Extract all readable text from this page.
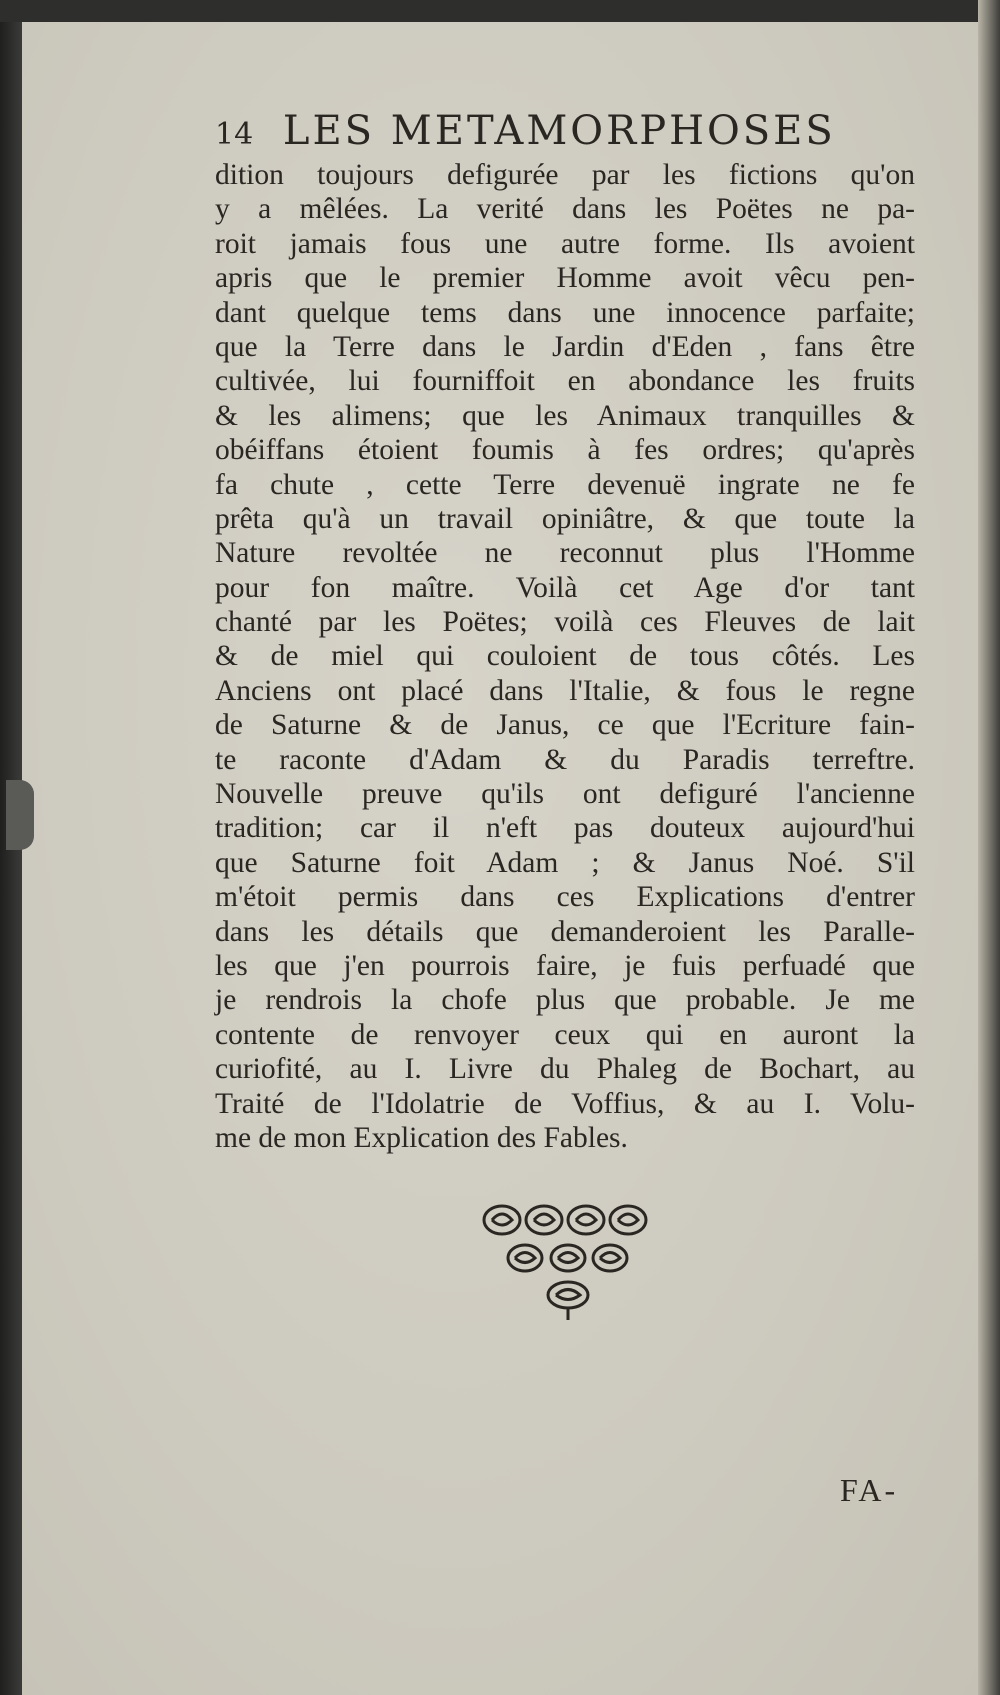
14 LES METAMORPHOSES
dition toujours defigurée par les fictions qu'on
y a mêlées. La verité dans les Poëtes ne pa-
roit jamais fous une autre forme. Ils avoient
apris que le premier Homme avoit vêcu pen-
dant quelque tems dans une innocence parfaite;
que la Terre dans le Jardin d'Eden , fans être
cultivée, lui fourniffoit en abondance les fruits
& les alimens; que les Animaux tranquilles &
obéiffans étoient foumis à fes ordres; qu'après
fa chute , cette Terre devenuë ingrate ne fe
prêta qu'à un travail opiniâtre, & que toute la
Nature revoltée ne reconnut plus l'Homme
pour fon maître. Voilà cet Age d'or tant
chanté par les Poëtes; voilà ces Fleuves de lait
& de miel qui couloient de tous côtés. Les
Anciens ont placé dans l'Italie, & fous le regne
de Saturne & de Janus, ce que l'Ecriture fain-
te raconte d'Adam & du Paradis terreftre.
Nouvelle preuve qu'ils ont defiguré l'ancienne
tradition; car il n'eft pas douteux aujourd'hui
que Saturne foit Adam ; & Janus Noé. S'il
m'étoit permis dans ces Explications d'entrer
dans les détails que demanderoient les Paralle-
les que j'en pourrois faire, je fuis perfuadé que
je rendrois la chofe plus que probable. Je me
contente de renvoyer ceux qui en auront la
curiofité, au I. Livre du Phaleg de Bochart, au
Traité de l'Idolatrie de Voffius, & au I. Volu-
me de mon Explication des Fables.
FA-
